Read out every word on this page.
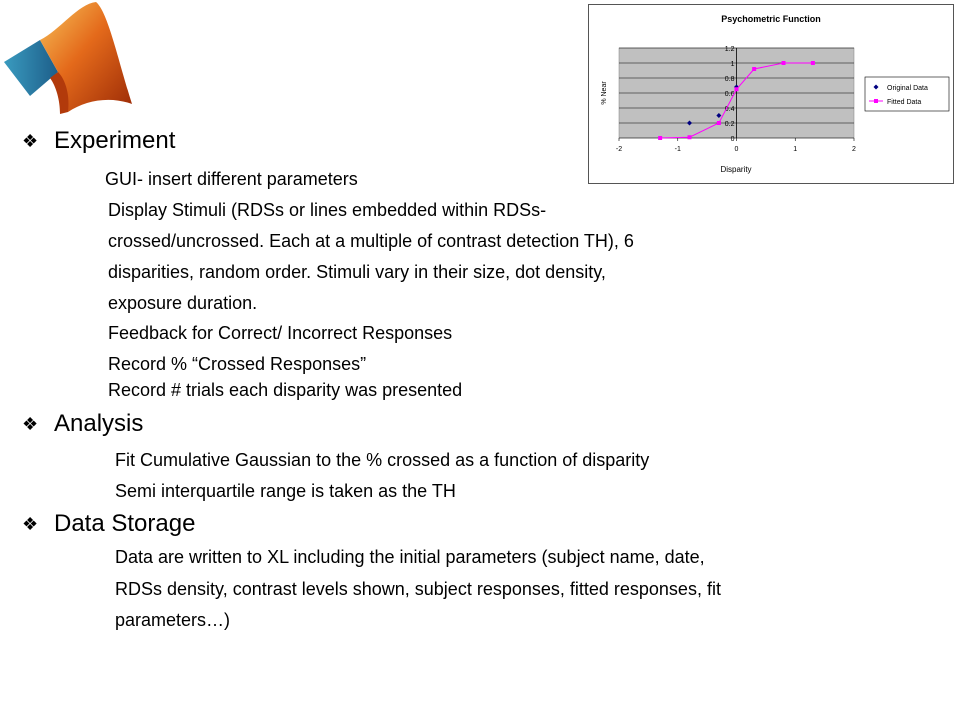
❖ Experiment
GUI- insert different parameters
Display Stimuli (RDSs or lines embedded within RDSs-
crossed/uncrossed. Each at a multiple of contrast detection TH), 6
disparities, random order. Stimuli vary in their size, dot density,
exposure duration.
Feedback for Correct/ Incorrect Responses
Record % “Crossed Responses”
Record # trials each disparity was presented
❖ Analysis
Fit Cumulative Gaussian to the % crossed as a function of disparity
Semi interquartile range is taken as the TH
❖ Data Storage
Data are written to XL including the initial parameters (subject name, date,
RDSs density, contrast levels shown, subject responses, fitted responses, fit
parameters…)
Psychometric Function
Disparity
% Near
0
0.2
0.4
0.6
0.8
1
1.2
-2	-1	0	1	2
Original Data
Fitted Data
